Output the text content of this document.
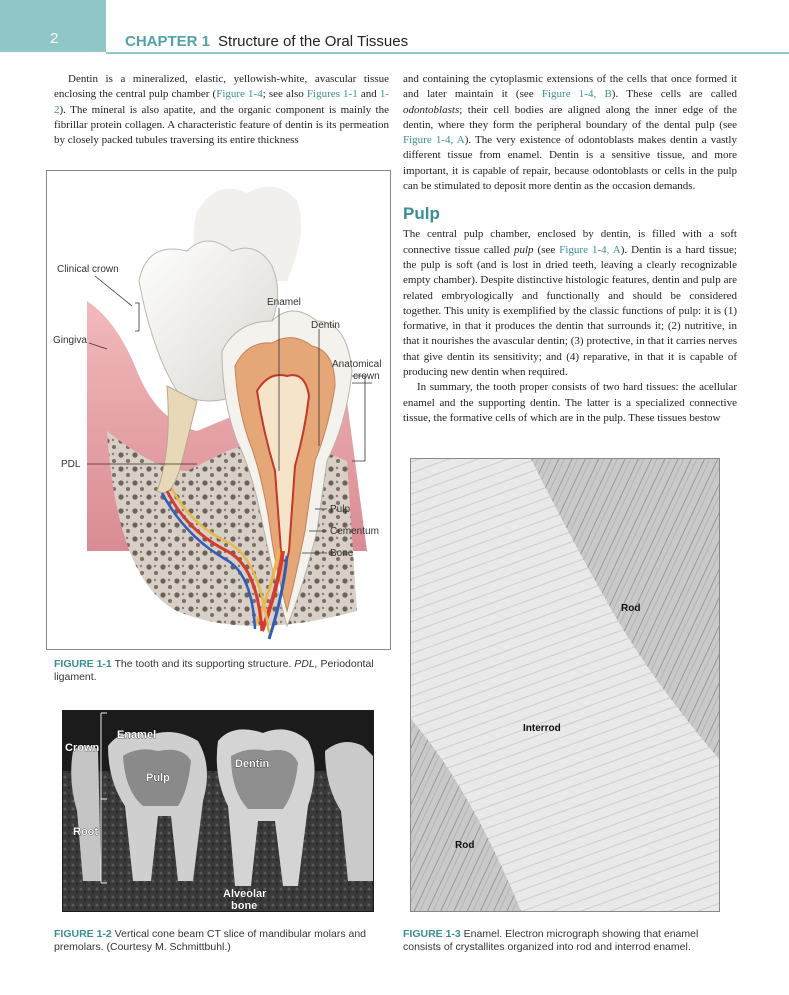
2	CHAPTER 1 Structure of the Oral Tissues

Dentin is a mineralized, elastic, yellowish-white, avascular tissue enclosing the central pulp chamber (Figure 1-4; see also Figures 1-1 and 1-2). The mineral is also apatite, and the organic component is mainly the fibrillar protein collagen. A characteristic feature of dentin is its permeation by closely packed tubules traversing its entire thickness

and containing the cytoplasmic extensions of the cells that once formed it and later maintain it (see Figure 1-4, B). These cells are called odontoblasts; their cell bodies are aligned along the inner edge of the dentin, where they form the peripheral boundary of the dental pulp (see Figure 1-4, A). The very existence of odontoblasts makes dentin a vastly different tissue from enamel. Dentin is a sensitive tissue, and more important, it is capable of repair, because odontoblasts or cells in the pulp can be stimulated to deposit more dentin as the occasion demands.

Pulp

The central pulp chamber, enclosed by dentin, is filled with a soft connective tissue called pulp (see Figure 1-4, A). Dentin is a hard tissue; the pulp is soft (and is lost in dried teeth, leaving a clearly recognizable empty chamber). Despite distinctive histologic features, dentin and pulp are related embryologically and functionally and should be considered together. This unity is exemplified by the classic functions of pulp: it is (1) formative, in that it produces the dentin that surrounds it; (2) nutritive, in that it nourishes the avascular dentin; (3) protective, in that it carries nerves that give dentin its sensitivity; and (4) reparative, in that it is capable of producing new dentin when required.

In summary, the tooth proper consists of two hard tissues: the acellular enamel and the supporting dentin. The latter is a specialized connective tissue, the formative cells of which are in the pulp. These tissues bestow

Clinical crown
Gingiva
Enamel
Dentin
Anatomical
crown
PDL
Pulp
Cementum
Bone
FIGURE 1-1 The tooth and its supporting structure. PDL, Periodontal ligament.
Enamel
Crown
Dentin
Pulp
Root
Alveolar
bone
FIGURE 1-2 Vertical cone beam CT slice of mandibular molars and premolars. (Courtesy M. Schmittbuhl.)
Rod
Interrod
Rod
FIGURE 1-3 Enamel. Electron micrograph showing that enamel consists of crystallites organized into rod and interrod enamel.
